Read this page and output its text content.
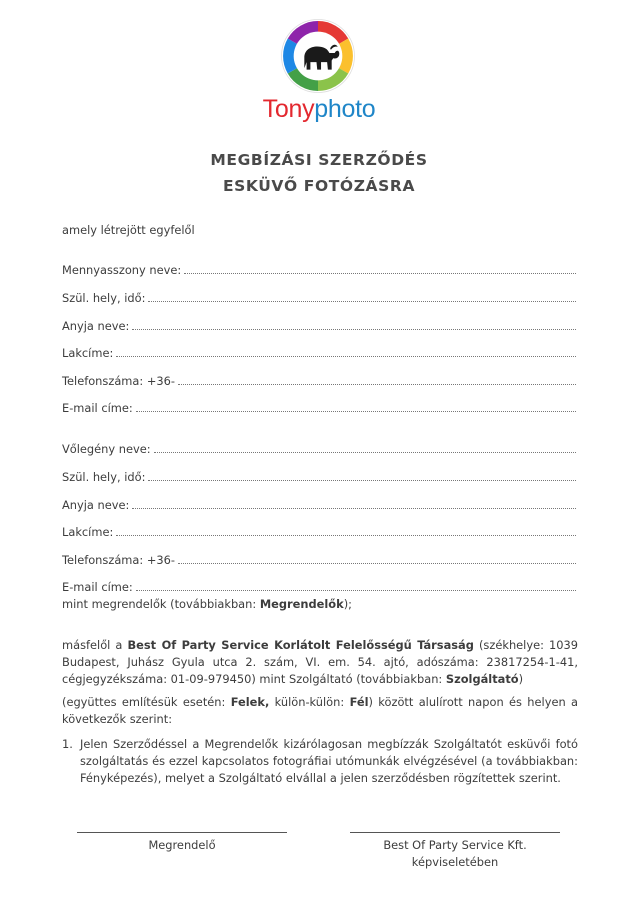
Tonyphoto
MEGBÍZÁSI SZERZŐDÉS
ESKÜVŐ FOTÓZÁSRA
amely létrejött egyfelől
Mennyasszony neve:
Szül. hely, idő:
Anyja neve:
Lakcíme:
Telefonszáma: +36-
E-mail címe:
Vőlegény neve:
Szül. hely, idő:
Anyja neve:
Lakcíme:
Telefonszáma: +36-
E-mail címe:
mint megrendelők (továbbiakban: Megrendelők);
másfelől a Best Of Party Service Korlátolt Felelősségű Társaság (székhelye: 1039 Budapest, Juhász Gyula utca 2. szám, VI. em. 54. ajtó, adószáma: 23817254-1-41, cégjegyzékszáma: 01-09-979450) mint Szolgáltató (továbbiakban: Szolgáltató)
(együttes említésük esetén: Felek, külön-külön: Fél) között alulírott napon és helyen a következők szerint:
1. Jelen Szerződéssel a Megrendelők kizárólagosan megbízzák Szolgáltatót esküvői fotó szolgáltatás és ezzel kapcsolatos fotográfiai utómunkák elvégzésével (a továbbiakban: Fényképezés), melyet a Szolgáltató elvállal a jelen szerződésben rögzítettek szerint.
Megrendelő	Best Of Party Service Kft.
képviseletében
